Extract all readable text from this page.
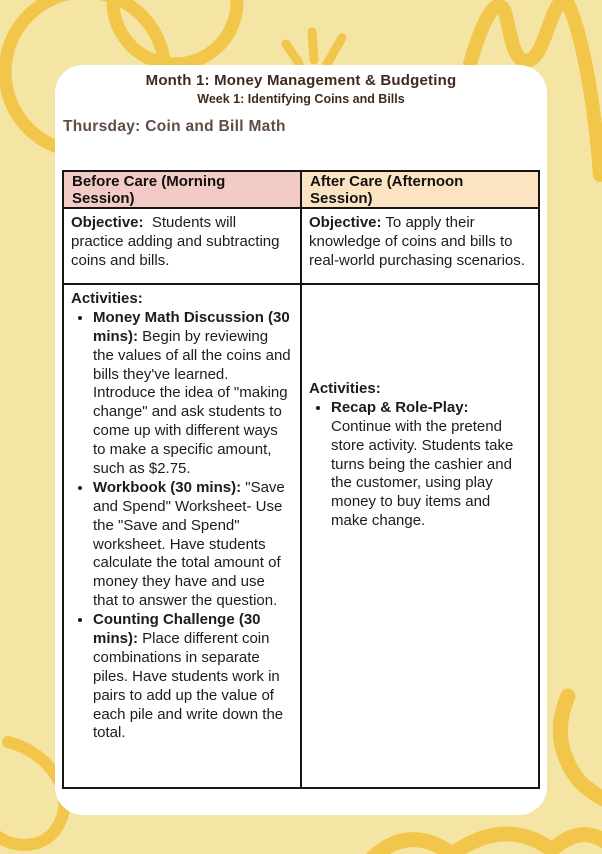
Month 1: Money Management & Budgeting
Week 1: Identifying Coins and Bills
Thursday: Coin and Bill Math
Before Care (Morning Session)	After Care (Afternoon Session)
Objective:  Students will practice adding and subtracting coins and bills.	Objective: To apply their knowledge of coins and bills to real-world purchasing scenarios.

Activities:
• Money Math Discussion (30 mins): Begin by reviewing the values of all the coins and bills they've learned. Introduce the idea of "making change" and ask students to come up with different ways to make a specific amount, such as $2.75.
• Workbook (30 mins): "Save and Spend" Worksheet- Use the "Save and Spend" worksheet. Have students calculate the total amount of money they have and use that to answer the question.
• Counting Challenge (30 mins): Place different coin combinations in separate piles. Have students work in pairs to add up the value of each pile and write down the total.

Activities:
• Recap & Role-Play: Continue with the pretend store activity. Students take turns being the cashier and the customer, using play money to buy items and make change.
